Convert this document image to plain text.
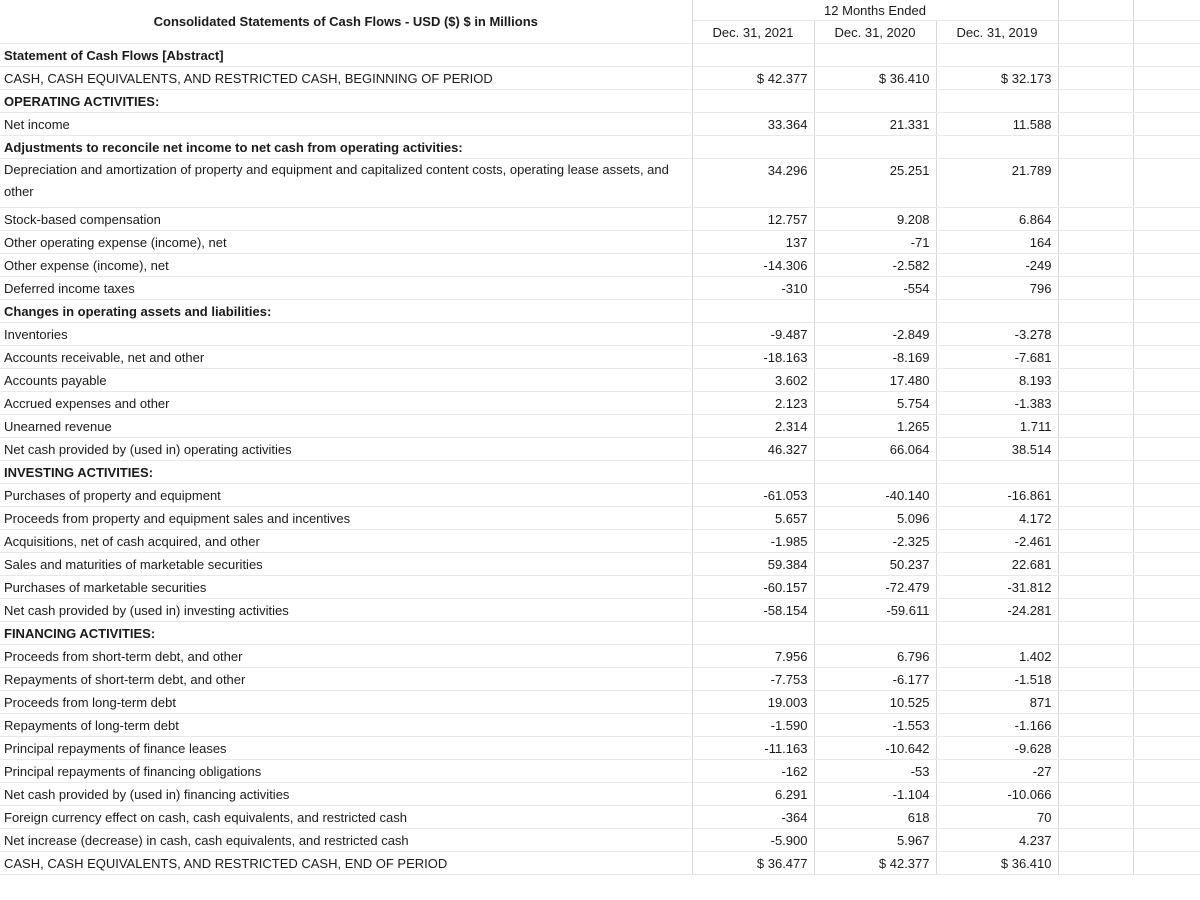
Consolidated Statements of Cash Flows - USD ($) $ in Millions	12 Months Ended				
	Dec. 31, 2021	Dec. 31, 2020	Dec. 31, 2019		
Statement of Cash Flows [Abstract]					
CASH, CASH EQUIVALENTS, AND RESTRICTED CASH, BEGINNING OF PERIOD	$ 42.377	$ 36.410	$ 32.173		
OPERATING ACTIVITIES:					
Net income	33.364	21.331	11.588		
Adjustments to reconcile net income to net cash from operating activities:					
Depreciation and amortization of property and equipment and capitalized content costs, operating lease assets, and other	34.296	25.251	21.789		
Stock-based compensation	12.757	9.208	6.864		
Other operating expense (income), net	137	-71	164		
Other expense (income), net	-14.306	-2.582	-249		
Deferred income taxes	-310	-554	796		
Changes in operating assets and liabilities:					
Inventories	-9.487	-2.849	-3.278		
Accounts receivable, net and other	-18.163	-8.169	-7.681		
Accounts payable	3.602	17.480	8.193		
Accrued expenses and other	2.123	5.754	-1.383		
Unearned revenue	2.314	1.265	1.711		
Net cash provided by (used in) operating activities	46.327	66.064	38.514		
INVESTING ACTIVITIES:					
Purchases of property and equipment	-61.053	-40.140	-16.861		
Proceeds from property and equipment sales and incentives	5.657	5.096	4.172		
Acquisitions, net of cash acquired, and other	-1.985	-2.325	-2.461		
Sales and maturities of marketable securities	59.384	50.237	22.681		
Purchases of marketable securities	-60.157	-72.479	-31.812		
Net cash provided by (used in) investing activities	-58.154	-59.611	-24.281		
FINANCING ACTIVITIES:					
Proceeds from short-term debt, and other	7.956	6.796	1.402		
Repayments of short-term debt, and other	-7.753	-6.177	-1.518		
Proceeds from long-term debt	19.003	10.525	871		
Repayments of long-term debt	-1.590	-1.553	-1.166		
Principal repayments of finance leases	-11.163	-10.642	-9.628		
Principal repayments of financing obligations	-162	-53	-27		
Net cash provided by (used in) financing activities	6.291	-1.104	-10.066		
Foreign currency effect on cash, cash equivalents, and restricted cash	-364	618	70		
Net increase (decrease) in cash, cash equivalents, and restricted cash	-5.900	5.967	4.237		
CASH, CASH EQUIVALENTS, AND RESTRICTED CASH, END OF PERIOD	$ 36.477	$ 42.377	$ 36.410		
